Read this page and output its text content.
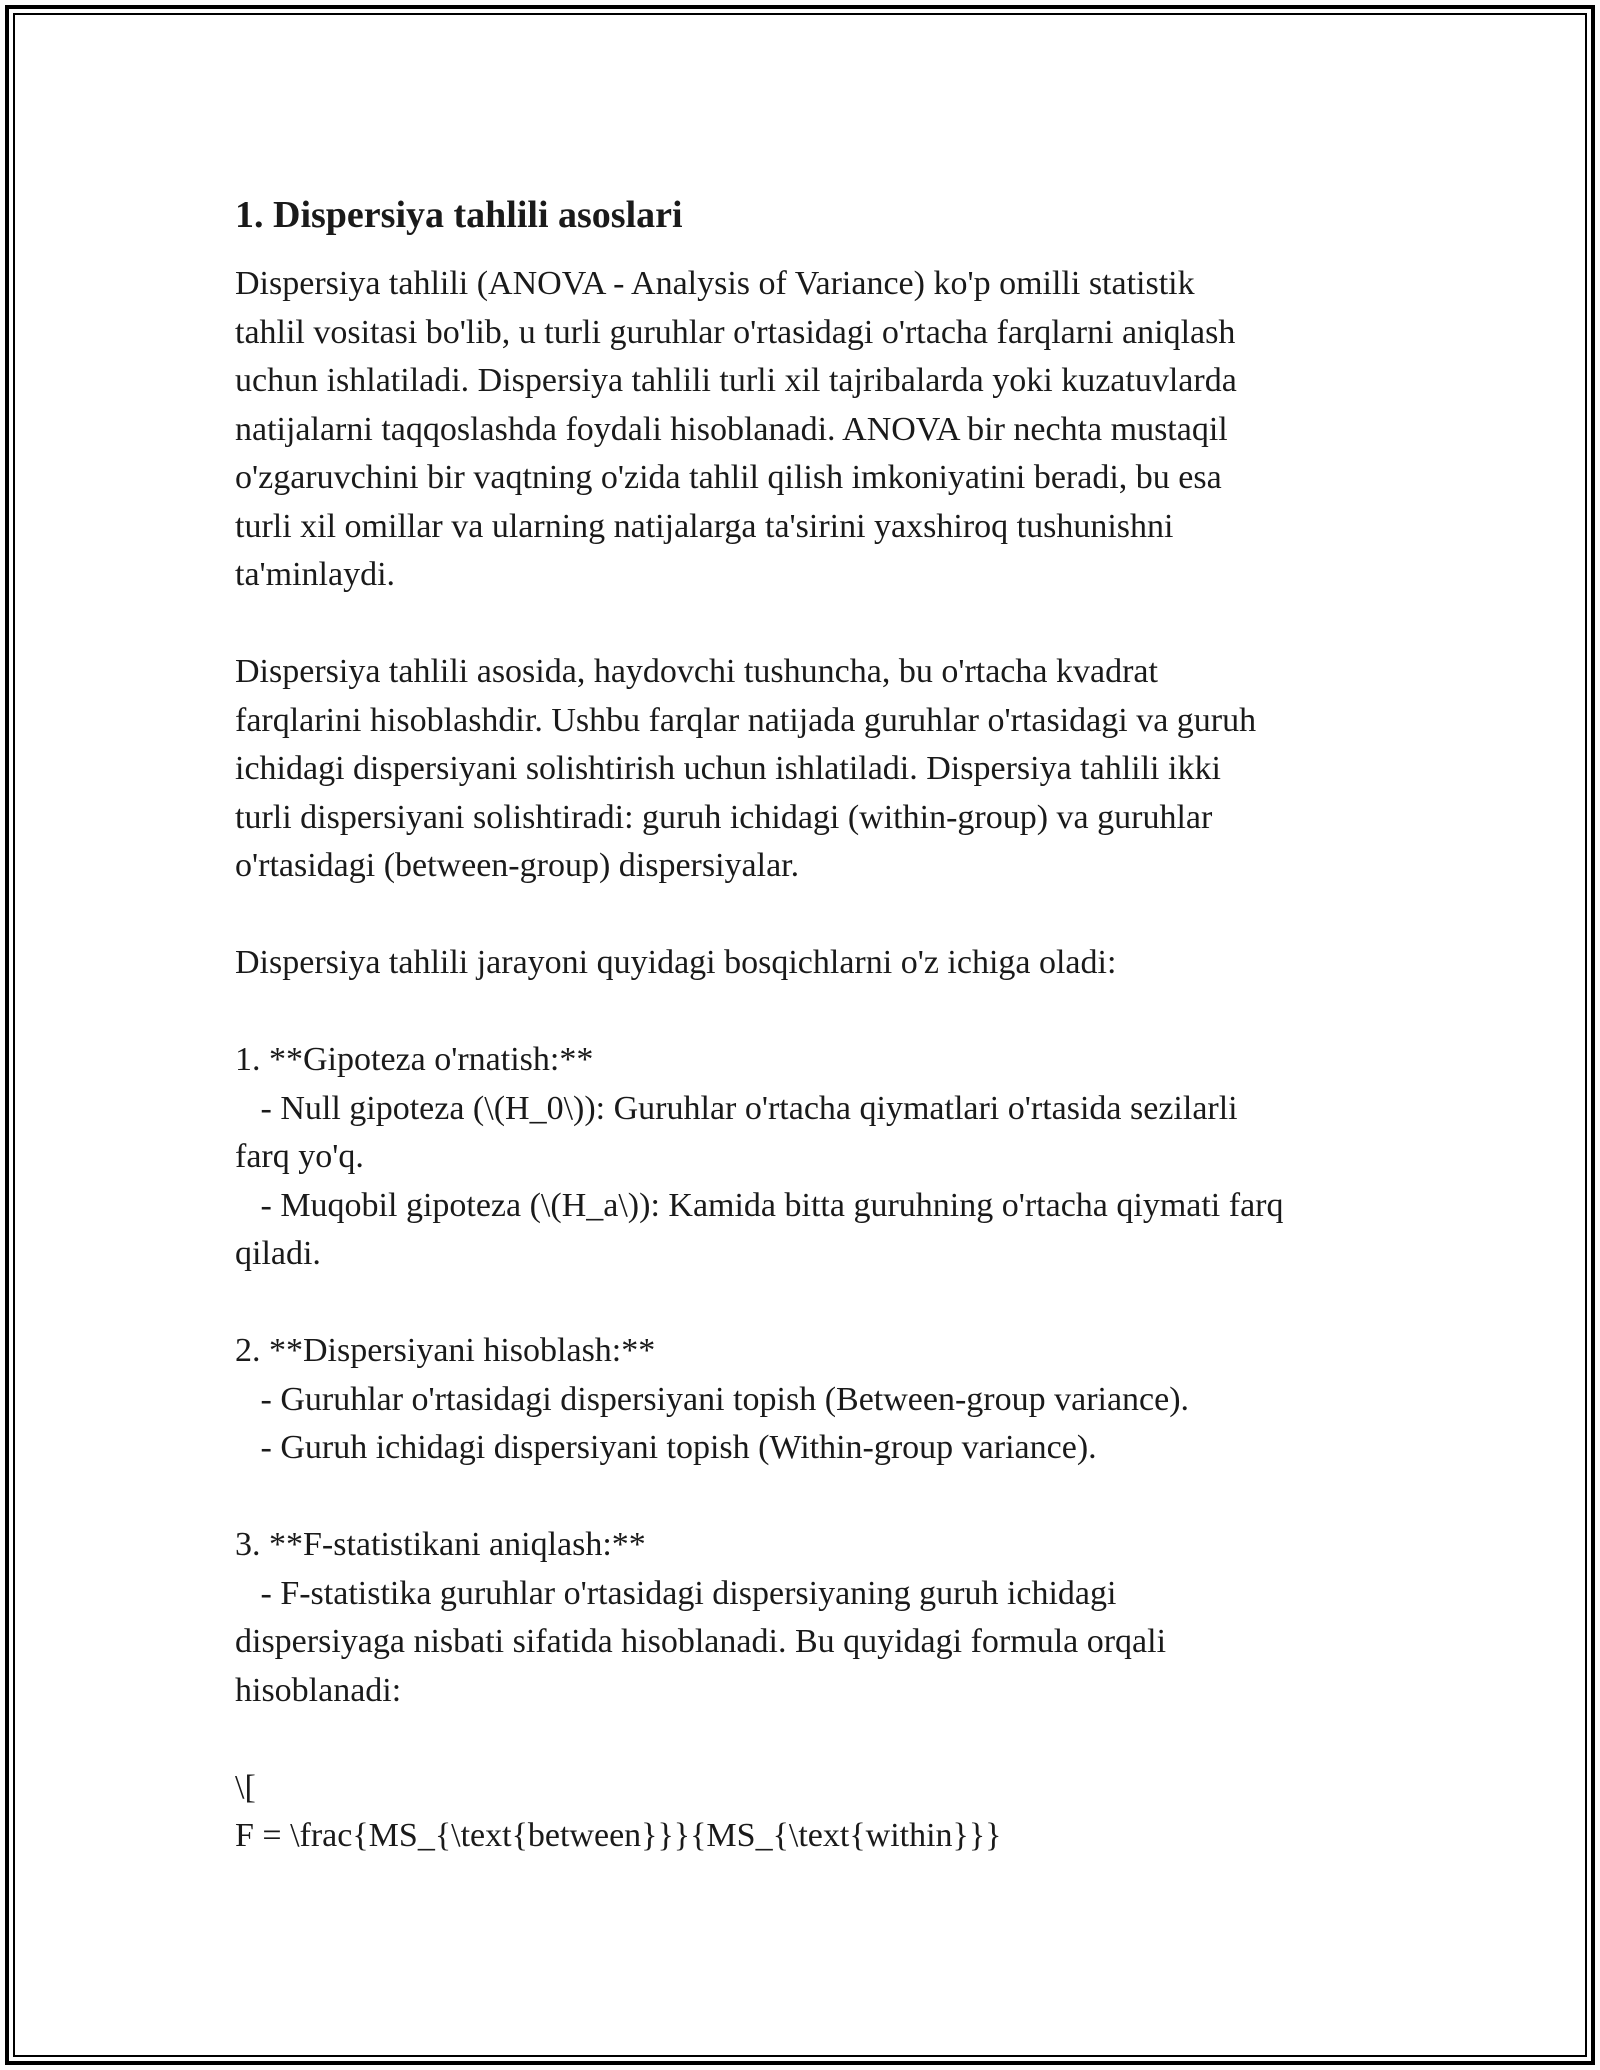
1. Dispersiya tahlili asoslari

Dispersiya tahlili (ANOVA - Analysis of Variance) ko'p omilli statistik
tahlil vositasi bo'lib, u turli guruhlar o'rtasidagi o'rtacha farqlarni aniqlash
uchun ishlatiladi. Dispersiya tahlili turli xil tajribalarda yoki kuzatuvlarda
natijalarni taqqoslashda foydali hisoblanadi. ANOVA bir nechta mustaqil
o'zgaruvchini bir vaqtning o'zida tahlil qilish imkoniyatini beradi, bu esa
turli xil omillar va ularning natijalarga ta'sirini yaxshiroq tushunishni
ta'minlaydi.

Dispersiya tahlili asosida, haydovchi tushuncha, bu o'rtacha kvadrat
farqlarini hisoblashdir. Ushbu farqlar natijada guruhlar o'rtasidagi va guruh
ichidagi dispersiyani solishtirish uchun ishlatiladi. Dispersiya tahlili ikki
turli dispersiyani solishtiradi: guruh ichidagi (within-group) va guruhlar
o'rtasidagi (between-group) dispersiyalar.

Dispersiya tahlili jarayoni quyidagi bosqichlarni o'z ichiga oladi:

1. **Gipoteza o'rnatish:**
- Null gipoteza (\(H_0\)): Guruhlar o'rtacha qiymatlari o'rtasida sezilarli
farq yo'q.
- Muqobil gipoteza (\(H_a\)): Kamida bitta guruhning o'rtacha qiymati farq
qiladi.

2. **Dispersiyani hisoblash:**
- Guruhlar o'rtasidagi dispersiyani topish (Between-group variance).
- Guruh ichidagi dispersiyani topish (Within-group variance).

3. **F-statistikani aniqlash:**
- F-statistika guruhlar o'rtasidagi dispersiyaning guruh ichidagi
dispersiyaga nisbati sifatida hisoblanadi. Bu quyidagi formula orqali
hisoblanadi:

\[
F = \frac{MS_{\text{between}}}{MS_{\text{within}}}
